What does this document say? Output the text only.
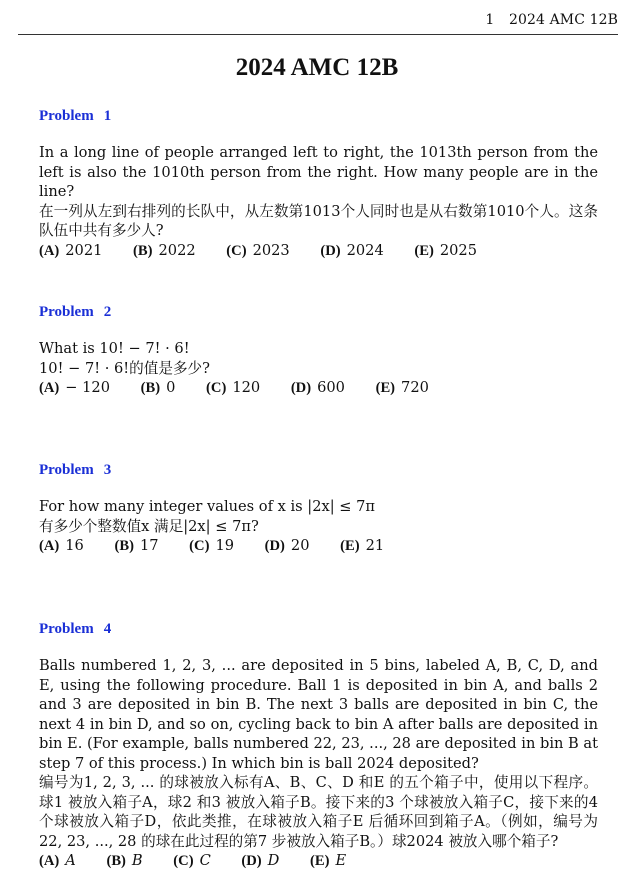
1 2024 AMC 12B
2024 AMC 12B
Problem 1
In a long line of people arranged left to right, the 1013th person from the left is also the 1010th person from the right. How many people are in the line?
在一列从左到右排列的长队中，从左数第1013个人同时也是从右数第1010个人。这条队伍中共有多少人?
(A) 2021 (B) 2022 (C) 2023 (D) 2024 (E) 2025
Problem 2
What is 10! − 7! · 6!
10! − 7! · 6!的值是多少?
(A) − 120 (B) 0 (C) 120 (D) 600 (E) 720
Problem 3
For how many integer values of x is |2x| ≤ 7π
有多少个整数值x 满足|2x| ≤ 7π?
(A) 16 (B) 17 (C) 19 (D) 20 (E) 21
Problem 4
Balls numbered 1, 2, 3, ... are deposited in 5 bins, labeled A, B, C, D, and E, using the following procedure. Ball 1 is deposited in bin A, and balls 2 and 3 are deposited in bin B. The next 3 balls are deposited in bin C, the next 4 in bin D, and so on, cycling back to bin A after balls are deposited in bin E. (For example, balls numbered 22, 23, ..., 28 are deposited in bin B at step 7 of this process.) In which bin is ball 2024 deposited?
编号为1, 2, 3, ... 的球被放入标有A、B、C、D 和E 的五个箱子中，使用以下程序。球1 被放入箱子A，球2 和3 被放入箱子B。接下来的3 个球被放入箱子C，接下来的4 个球被放入箱子D，依此类推，在球被放入箱子E 后循环回到箱子A。（例如，编号为22, 23, ..., 28 的球在此过程的第7 步被放入箱子B。）球2024 被放入哪个箱子?
(A) A (B) B (C) C (D) D (E) E
